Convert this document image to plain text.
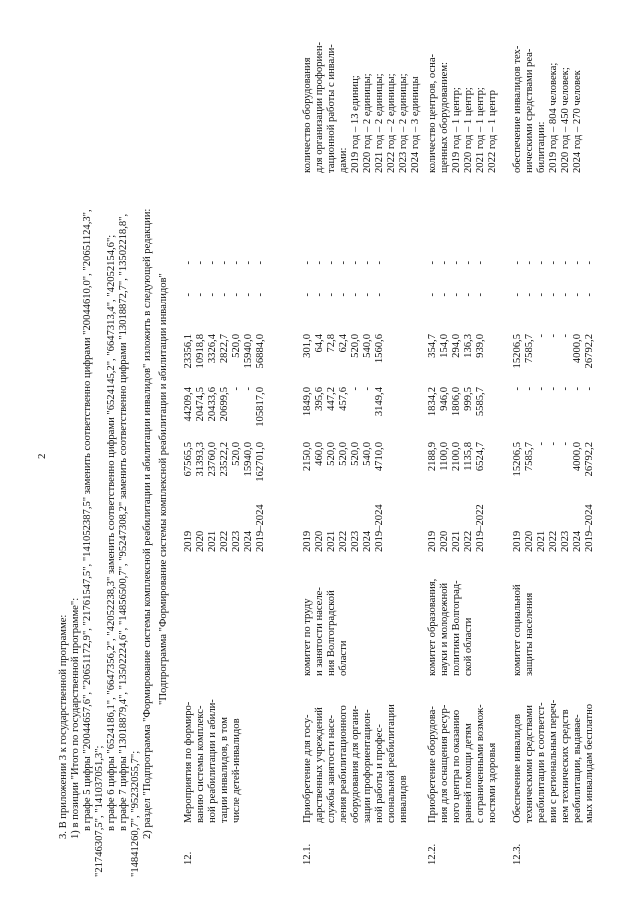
2
3. В приложении 3 к государственной программе: 1) в позиции "Итого по государственной программе": в графе 5 цифры "20044657,6", "20651172,9", "21761547,5", "141052387,5" заменить соответственно цифрами "20044610,0", "20651124,3", "21746307,5", "141037051,3"; в графе 6 цифры "6524186,1", "6647356,2", "42052238,3" заменить соответственно цифрами "6524145,2", "6647313,4", "42052154,6"; в графе 7 цифры "13018879,4", "13502224,6", "14856500,7", "95247308,2" заменить соответственно цифрами "13018872,7", "13502218,8", "14841260,7", "95232055,7"; 2) раздел "Подпрограмма "Формирование системы комплексной реабилитации и абилитации инвалидов" изложить в следующей редакции: "Подпрограмма "Формирование системы комплексной реабилитации и абилитации инвалидов"
12.
Мероприятия по формиро- ванию системы комплекс- ной реабилитации и абили- тации инвалидов, в том числе детей-инвалидов
2019 2020 2021 2022 2023 2024 2019–2024
67565,5 31393,3 23760,0 23522,2 520,0 15940,0 162701,0
44209,4 20474,5 20433,6 20699,5 - - 105817,0
23356,1 10918,8 3326,4 2822,7 520,0 15940,0 56884,0
- - - - - - -
- - - - - - -
12.1.
Приобретение для госу- дарственных учреждений службы занятости насе- ления реабилитационного оборудования для органи- зации профориентацион- ной работы и профес- сиональной реабилитации инвалидов
комитет по труду и занятости населе- ния Волгоградской области
2019 2020 2021 2022 2023 2024 2019–2024
2150,0 460,0 520,0 520,0 520,0 540,0 4710,0
1849,0 395,6 447,2 457,6 - - 3149,4
301,0 64,4 72,8 62,4 520,0 540,0 1560,6
- - - - - - -
- - - - - - -
количество оборудования для организации профориен- тационной работы с инвали- дами: 2019 год – 13 единиц; 2020 год – 2 единицы; 2021 год – 2 единицы; 2022 год – 2 единицы; 2023 год – 2 единицы; 2024 год – 3 единицы
12.2.
Приобретение оборудова- ния для оснащения ресур- ного центра по оказанию ранней помощи детям с ограниченными возмож- ностями здоровья
комитет образования, науки и молодежной политики Волгоград- ской области
2019 2020 2021 2022 2019–2022
2188,9 1100,0 2100,0 1135,8 6524,7
1834,2 946,0 1806,0 999,5 5585,7
354,7 154,0 294,0 136,3 939,0
- - - - -
- - - - -
количество центров, осна- щенных оборудованием: 2019 год – 1 центр; 2020 год – 1 центр; 2021 год – 1 центр; 2022 год – 1 центр
12.3.
Обеспечение инвалидов техническими средствами реабилитации в соответст- вии с региональным переч- нем технических средств реабилитации, выдавае- мых инвалидам бесплатно
комитет социальной защиты населения
2019 2020 2021 2022 2023 2024 2019–2024
15206,5 7585,7 - - - 4000,0 26792,2
- - - - - - -
15206,5 7585,7 - - - 4000,0 26792,2
- - - - - - -
- - - - - - -
обеспечение инвалидов тех- ническими средствами реа- билитации: 2019 год – 804 человека; 2020 год – 450 человек; 2024 год – 270 человек
